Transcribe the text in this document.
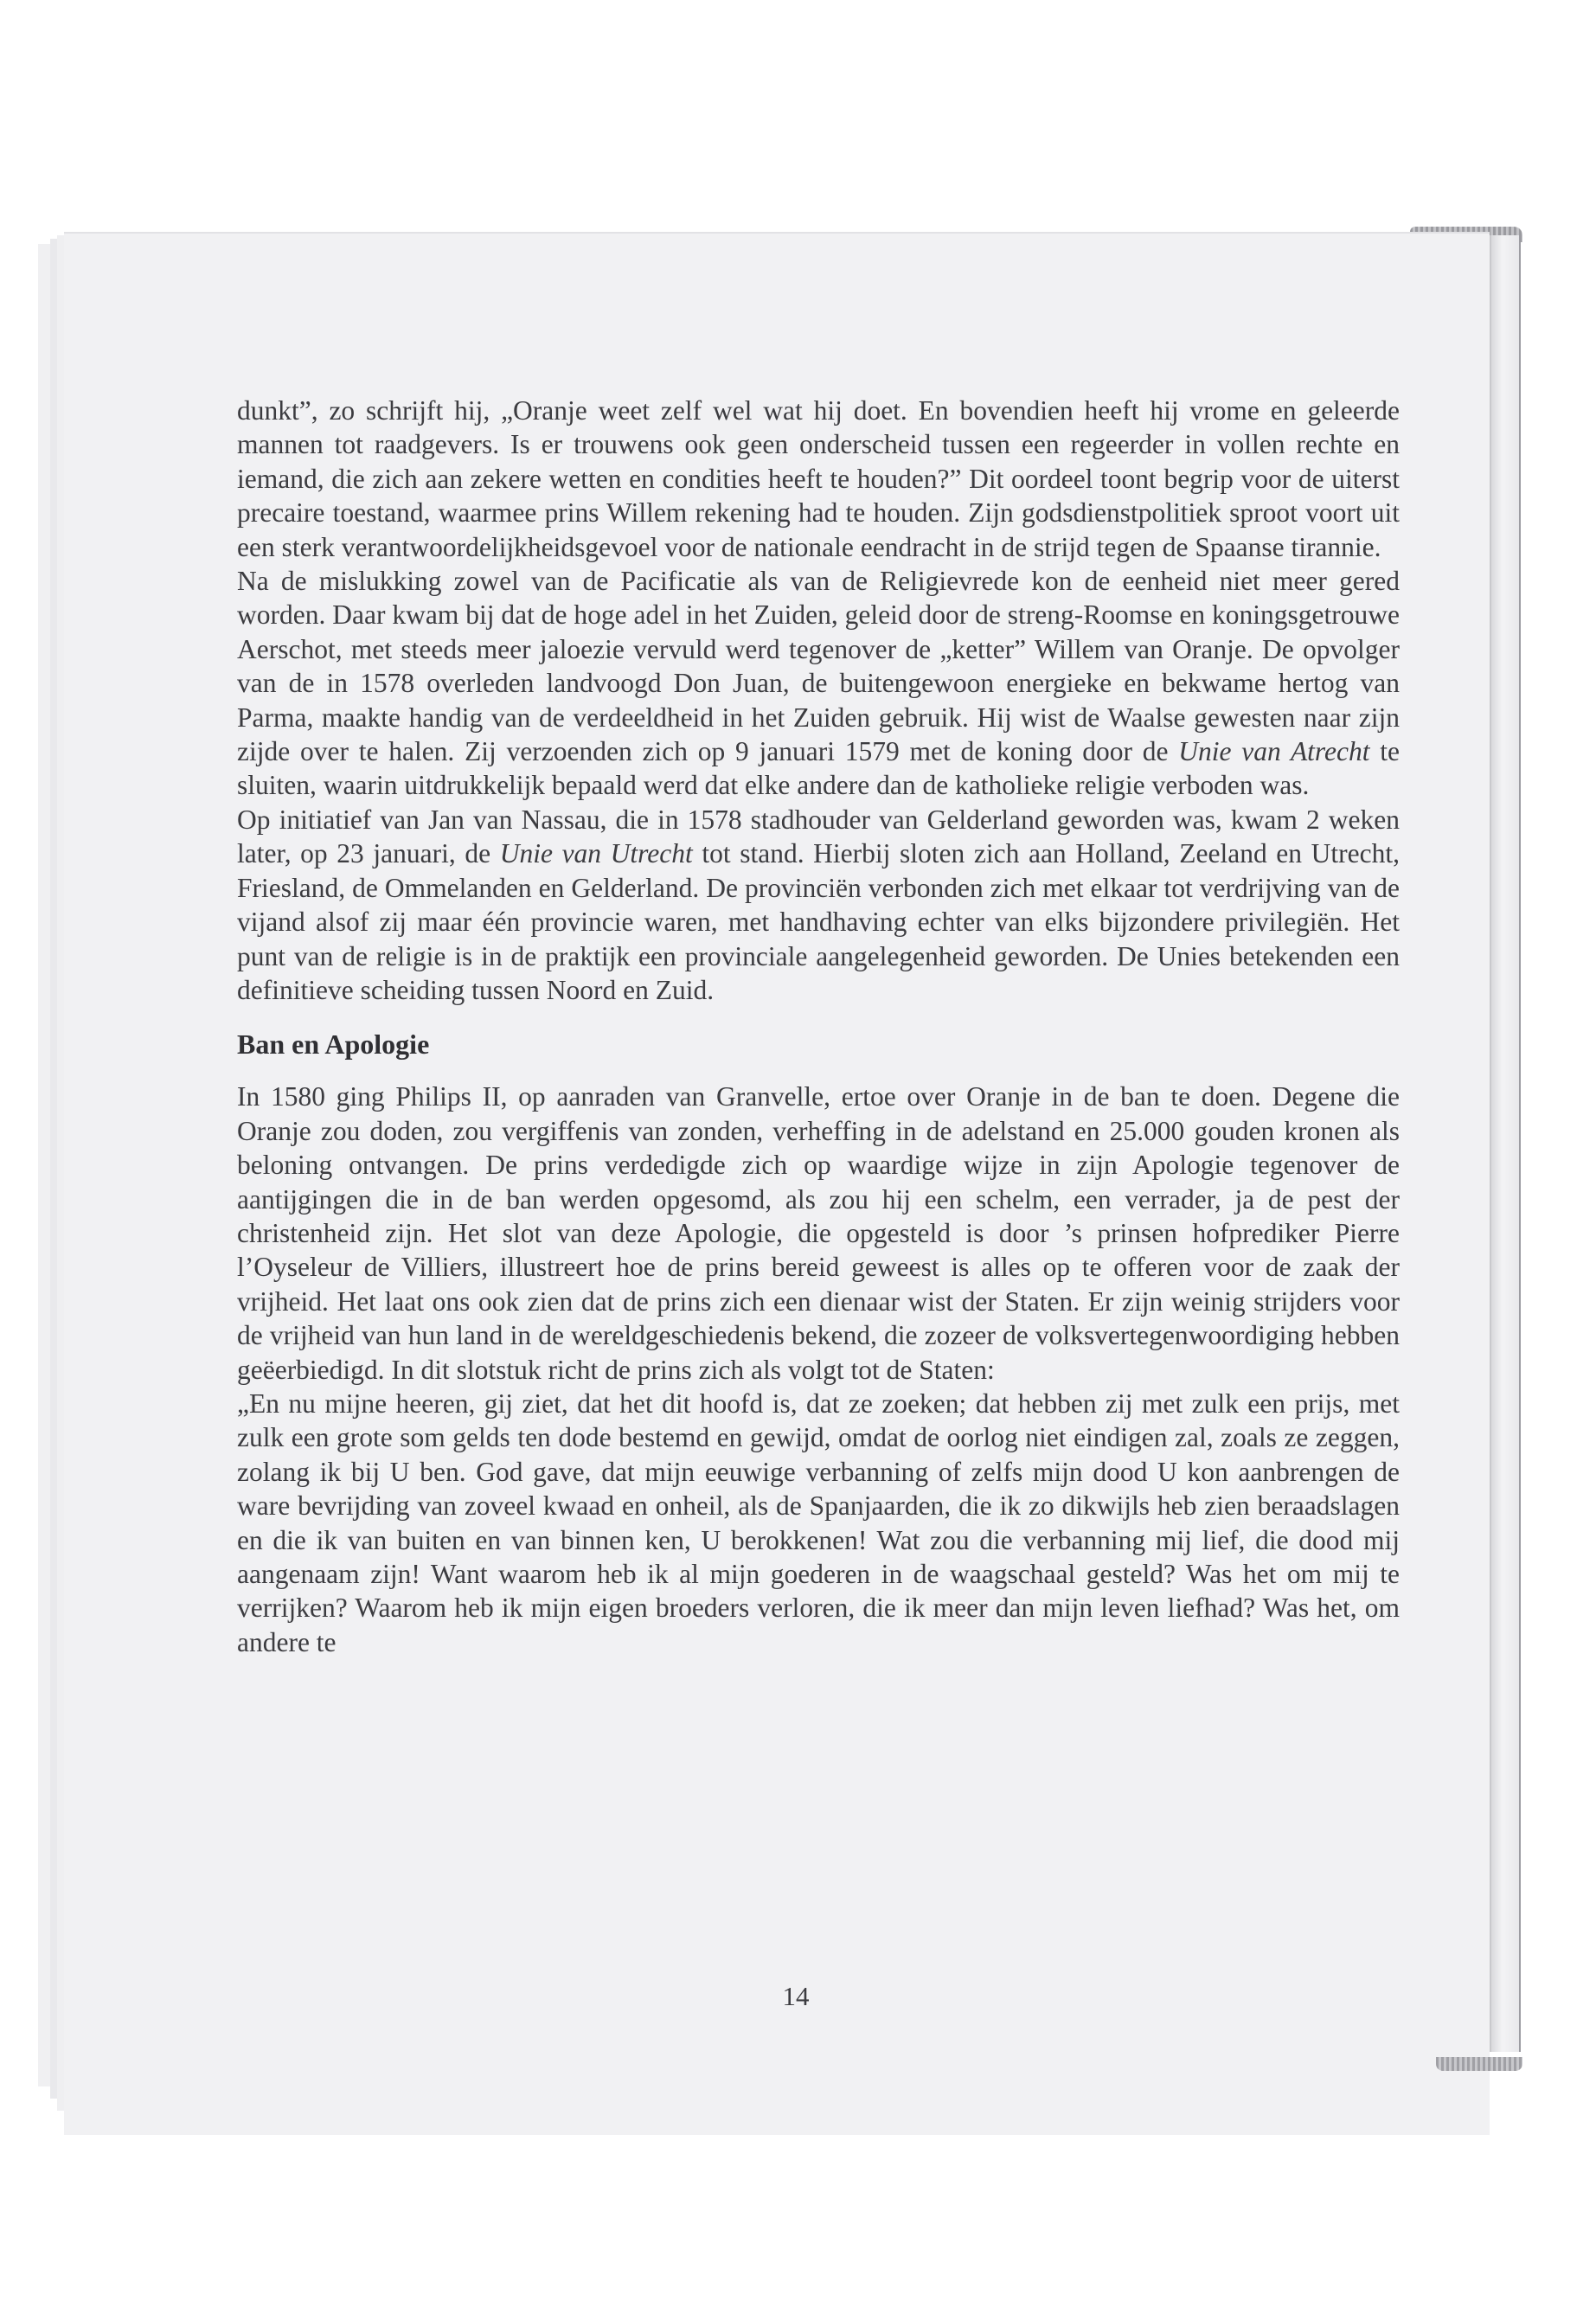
dunkt”, zo schrijft hij, „Oranje weet zelf wel wat hij doet. En bovendien heeft hij vrome en geleerde mannen tot raadgevers. Is er trouwens ook geen onderscheid tussen een regeerder in vollen rechte en iemand, die zich aan zekere wetten en condities heeft te houden?” Dit oordeel toont begrip voor de uiterst precaire toestand, waarmee prins Willem rekening had te houden. Zijn godsdienstpolitiek sproot voort uit een sterk verantwoordelijkheidsgevoel voor de nationale eendracht in de strijd tegen de Spaanse tirannie.

Na de mislukking zowel van de Pacificatie als van de Religievrede kon de eenheid niet meer gered worden. Daar kwam bij dat de hoge adel in het Zuiden, geleid door de streng-Roomse en koningsgetrouwe Aerschot, met steeds meer jaloezie vervuld werd tegenover de „ketter” Willem van Oranje. De opvolger van de in 1578 overleden landvoogd Don Juan, de buitengewoon energieke en bekwame hertog van Parma, maakte handig van de verdeeldheid in het Zuiden gebruik. Hij wist de Waalse gewesten naar zijn zijde over te halen. Zij verzoenden zich op 9 januari 1579 met de koning door de Unie van Atrecht te sluiten, waarin uitdrukkelijk bepaald werd dat elke andere dan de katholieke religie verboden was.

Op initiatief van Jan van Nassau, die in 1578 stadhouder van Gelderland geworden was, kwam 2 weken later, op 23 januari, de Unie van Utrecht tot stand. Hierbij sloten zich aan Holland, Zeeland en Utrecht, Friesland, de Ommelanden en Gelderland. De provinciën verbonden zich met elkaar tot verdrijving van de vijand alsof zij maar één provincie waren, met handhaving echter van elks bijzondere privilegiën. Het punt van de religie is in de praktijk een provinciale aangelegenheid geworden. De Unies betekenden een definitieve scheiding tussen Noord en Zuid.

Ban en Apologie

In 1580 ging Philips II, op aanraden van Granvelle, ertoe over Oranje in de ban te doen. Degene die Oranje zou doden, zou vergiffenis van zonden, verheffing in de adelstand en 25.000 gouden kronen als beloning ontvangen. De prins verdedigde zich op waardige wijze in zijn Apologie tegenover de aantijgingen die in de ban werden opgesomd, als zou hij een schelm, een verrader, ja de pest der christenheid zijn. Het slot van deze Apologie, die opgesteld is door ’s prinsen hofprediker Pierre l’Oyseleur de Villiers, illustreert hoe de prins bereid geweest is alles op te offeren voor de zaak der vrijheid. Het laat ons ook zien dat de prins zich een dienaar wist der Staten. Er zijn weinig strijders voor de vrijheid van hun land in de wereldgeschiedenis bekend, die zozeer de volksvertegenwoordiging hebben geëerbiedigd. In dit slotstuk richt de prins zich als volgt tot de Staten:

„En nu mijne heeren, gij ziet, dat het dit hoofd is, dat ze zoeken; dat hebben zij met zulk een prijs, met zulk een grote som gelds ten dode bestemd en gewijd, omdat de oorlog niet eindigen zal, zoals ze zeggen, zolang ik bij U ben. God gave, dat mijn eeuwige verbanning of zelfs mijn dood U kon aanbrengen de ware bevrijding van zoveel kwaad en onheil, als de Spanjaarden, die ik zo dikwijls heb zien beraadslagen en die ik van buiten en van binnen ken, U berokkenen! Wat zou die verbanning mij lief, die dood mij aangenaam zijn! Want waarom heb ik al mijn goederen in de waagschaal gesteld? Was het om mij te verrijken? Waarom heb ik mijn eigen broeders verloren, die ik meer dan mijn leven liefhad? Was het, om andere te

14
